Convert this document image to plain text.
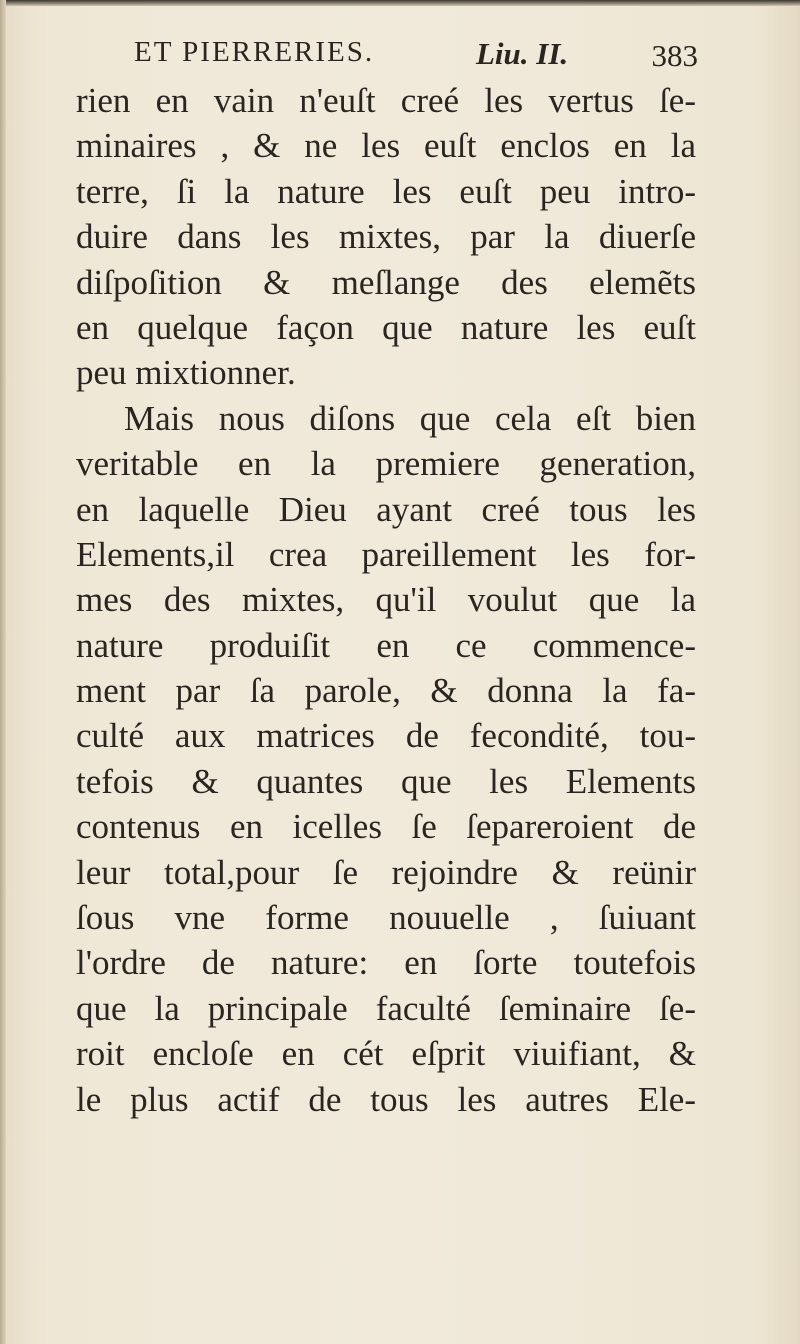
ET PIERRERIES.	Liu. II.	383
rien en vain n'euſt creé les vertus ſe-
minaires , & ne les euſt enclos en la
terre, ſi la nature les euſt peu intro-
duire dans les mixtes, par la diuerſe
diſpoſition & meſlange des elemẽts
en quelque façon que nature les euſt
peu mixtionner.
Mais nous diſons que cela eſt bien
veritable en la premiere generation,
en laquelle Dieu ayant creé tous les
Elements,il crea pareillement les for-
mes des mixtes, qu'il voulut que la
nature produiſit en ce commence-
ment par ſa parole, & donna la fa-
culté aux matrices de fecondité, tou-
tefois & quantes que les Elements
contenus en icelles ſe ſepareroient de
leur total,pour ſe rejoindre & reünir
ſous vne forme nouuelle , ſuiuant
l'ordre de nature: en ſorte toutefois
que la principale faculté ſeminaire ſe-
roit encloſe en cét eſprit viuifiant, &
le plus actif de tous les autres Ele-
